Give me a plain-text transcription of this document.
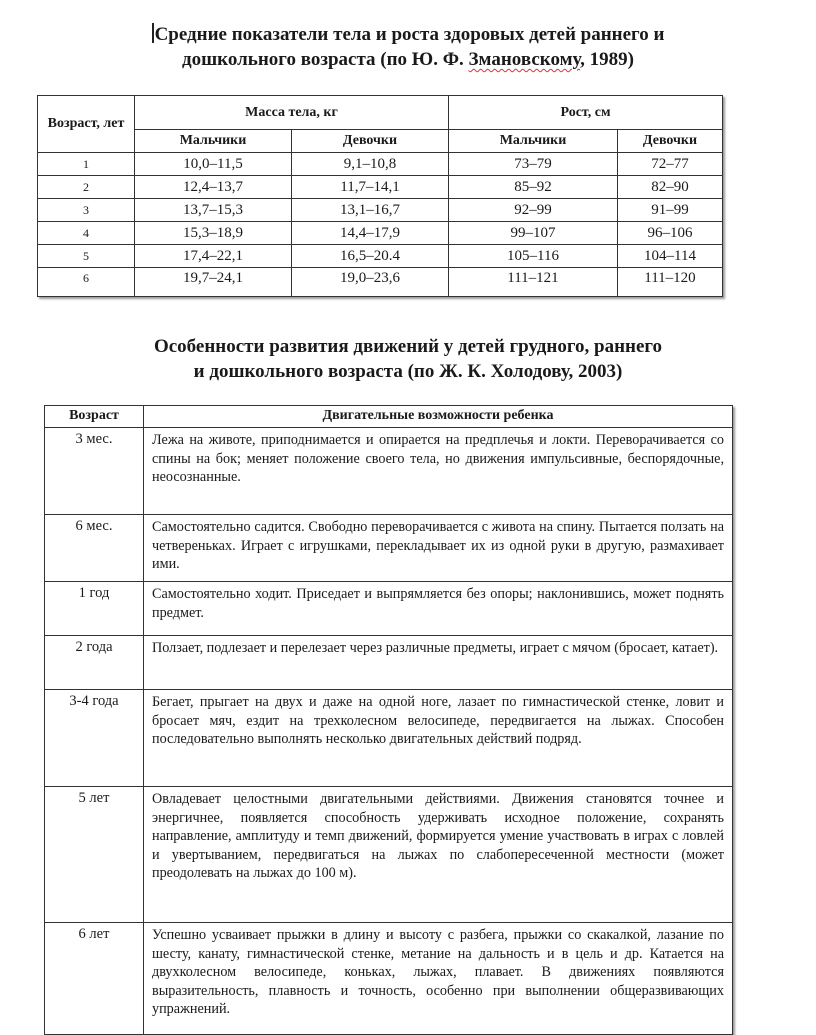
Средние показатели тела и роста здоровых детей раннего и
дошкольного возраста (по Ю. Ф. Змановскому, 1989)
Возраст, лет	Масса тела, кг		Рост, см	
	Мальчики	Девочки	Мальчики	Девочки
1	10,0–11,5	9,1–10,8	73–79	72–77
2	12,4–13,7	11,7–14,1	85–92	82–90
3	13,7–15,3	13,1–16,7	92–99	91–99
4	15,3–18,9	14,4–17,9	99–107	96–106
5	17,4–22,1	16,5–20.4	105–116	104–114
6	19,7–24,1	19,0–23,6	111–121	111–120
Особенности развития движений у детей грудного, раннего
и дошкольного возраста (по Ж. К. Холодову, 2003)
Возраст	Двигательные возможности ребенка
3 мес.	Лежа на животе, приподнимается и опирается на предплечья и локти. Переворачивается со спины на бок; меняет положение своего тела, но движения импульсивные, беспорядочные, неосознанные.
6 мес.	Самостоятельно садится. Свободно переворачивается с живота на спину. Пытается ползать на четвереньках. Играет с игрушками, перекладывает их из одной руки в другую, размахивает ими.
1 год	Самостоятельно ходит. Приседает и выпрямляется без опоры; наклонившись, может поднять предмет.
2 года	Ползает, подлезает и перелезает через различные предметы, играет с мячом (бросает, катает).
3-4 года	Бегает, прыгает на двух и даже на одной ноге, лазает по гимнастической стенке, ловит и бросает мяч, ездит на трехколесном велосипеде, передвигается на лыжах. Способен последовательно выполнять несколько двигательных действий подряд.
5 лет	Овладевает целостными двигательными действиями. Движения становятся точнее и энергичнее, появляется способность удерживать исходное положение, сохранять направление, амплитуду и темп движений, формируется умение участвовать в играх с ловлей и увертыванием, передвигаться на лыжах по слабопересеченной местности (может преодолевать на лыжах до 100 м).
6 лет	Успешно усваивает прыжки в длину и высоту с разбега, прыжки со скакалкой, лазание по шесту, канату, гимнастической стенке, метание на дальность и в цель и др. Катается на двухколесном велосипеде, коньках, лыжах, плавает. В движениях появляются выразительность, плавность и точность, особенно при выполнении общеразвивающих упражнений.
